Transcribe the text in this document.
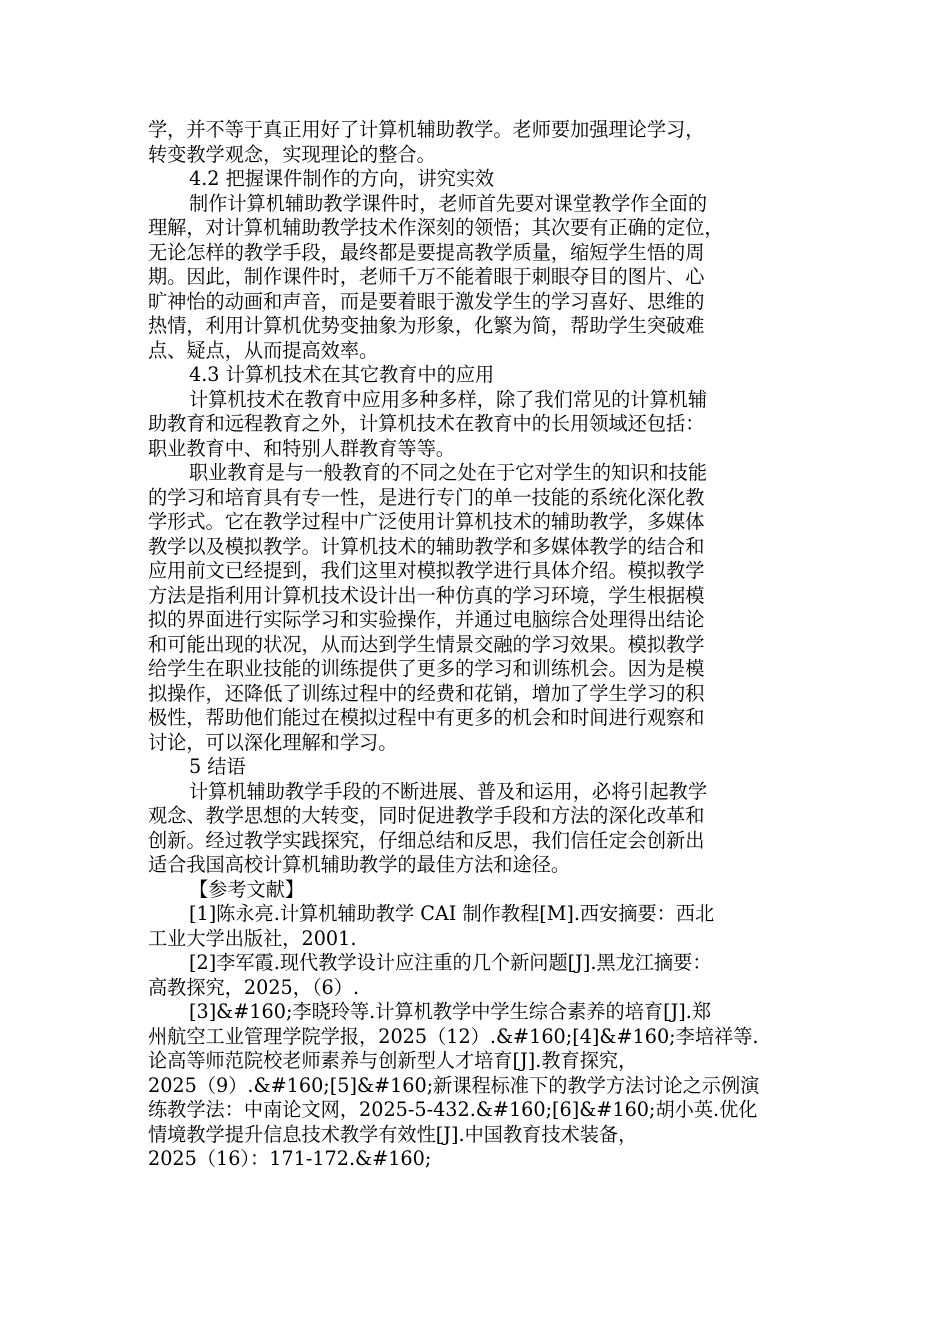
学，并不等于真正用好了计算机辅助教学。老师要加强理论学习，
转变教学观念，实现理论的整合。
4.2 把握课件制作的方向，讲究实效
制作计算机辅助教学课件时，老师首先要对课堂教学作全面的
理解，对计算机辅助教学技术作深刻的领悟；其次要有正确的定位，
无论怎样的教学手段，最终都是要提高教学质量，缩短学生悟的周
期。因此，制作课件时，老师千万不能着眼于刺眼夺目的图片、心
旷神怡的动画和声音，而是要着眼于激发学生的学习喜好、思维的
热情，利用计算机优势变抽象为形象，化繁为简，帮助学生突破难
点、疑点，从而提高效率。
4.3 计算机技术在其它教育中的应用
计算机技术在教育中应用多种多样，除了我们常见的计算机辅
助教育和远程教育之外，计算机技术在教育中的长用领域还包括：
职业教育中、和特别人群教育等等。
职业教育是与一般教育的不同之处在于它对学生的知识和技能
的学习和培育具有专一性，是进行专门的单一技能的系统化深化教
学形式。它在教学过程中广泛使用计算机技术的辅助教学，多媒体
教学以及模拟教学。计算机技术的辅助教学和多媒体教学的结合和
应用前文已经提到，我们这里对模拟教学进行具体介绍。模拟教学
方法是指利用计算机技术设计出一种仿真的学习环境，学生根据模
拟的界面进行实际学习和实验操作，并通过电脑综合处理得出结论
和可能出现的状况，从而达到学生情景交融的学习效果。模拟教学
给学生在职业技能的训练提供了更多的学习和训练机会。因为是模
拟操作，还降低了训练过程中的经费和花销，增加了学生学习的积
极性，帮助他们能过在模拟过程中有更多的机会和时间进行观察和
讨论，可以深化理解和学习。
5 结语
计算机辅助教学手段的不断进展、普及和运用，必将引起教学
观念、教学思想的大转变，同时促进教学手段和方法的深化改革和
创新。经过教学实践探究，仔细总结和反思，我们信任定会创新出
适合我国高校计算机辅助教学的最佳方法和途径。
【参考文献】
[1]陈永亮.计算机辅助教学 CAI 制作教程[M].西安摘要：西北
工业大学出版社，2001.
[2]李军霞.现代教学设计应注重的几个新问题[J].黑龙江摘要：
高教探究，2025，（6）.
[3]&#160;李晓玲等.计算机教学中学生综合素养的培育[J].郑
州航空工业管理学院学报，2025（12）.&#160;[4]&#160;李培祥等.
论高等师范院校老师素养与创新型人才培育[J].教育探究，
2025（9）.&#160;[5]&#160;新课程标准下的教学方法讨论之示例演
练教学法：中南论文网，2025-5-432.&#160;[6]&#160;胡小英.优化
情境教学提升信息技术教学有效性[J].中国教育技术装备，
2025（16）：171-172.&#160;
